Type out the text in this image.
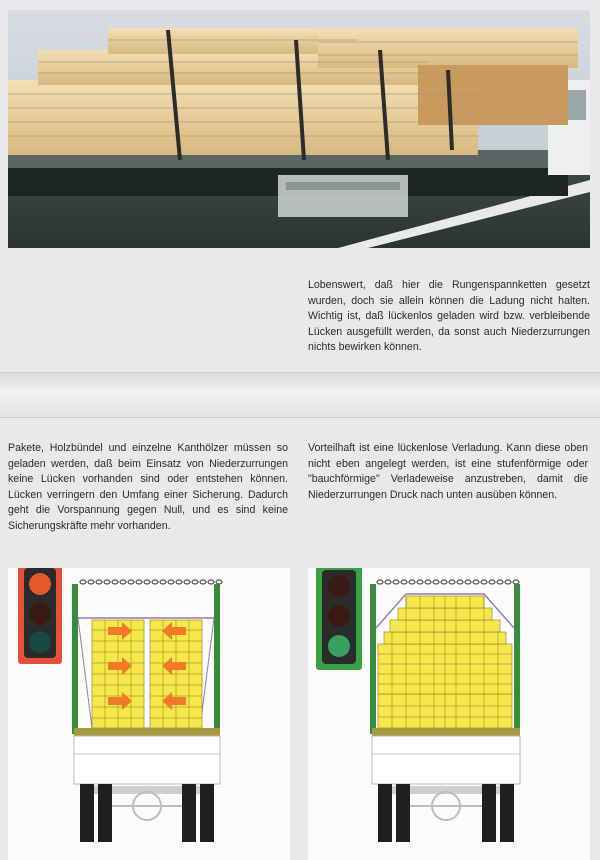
Lobenswert, daß hier die Rungenspannketten gesetzt wurden, doch sie allein können die Ladung nicht halten. Wichtig ist, daß lückenlos geladen wird bzw. verbleibende Lücken ausgefüllt werden, da sonst auch Niederzurrungen nichts bewirken können.
Pakete, Holzbündel und einzelne Kanthölzer müssen so geladen werden, daß beim Einsatz von Niederzurrungen keine Lücken vorhanden sind oder entstehen können. Lücken verringern den Umfang einer Sicherung. Dadurch geht die Vorspannung gegen Null, und es sind keine Sicherungskräfte mehr vorhanden.
Vorteilhaft ist eine lückenlose Verladung. Kann diese oben nicht eben angelegt werden, ist eine stufenförmige oder "bauchförmige" Verladeweise anzustreben, damit die Niederzurrungen Druck nach unten ausüben können.
